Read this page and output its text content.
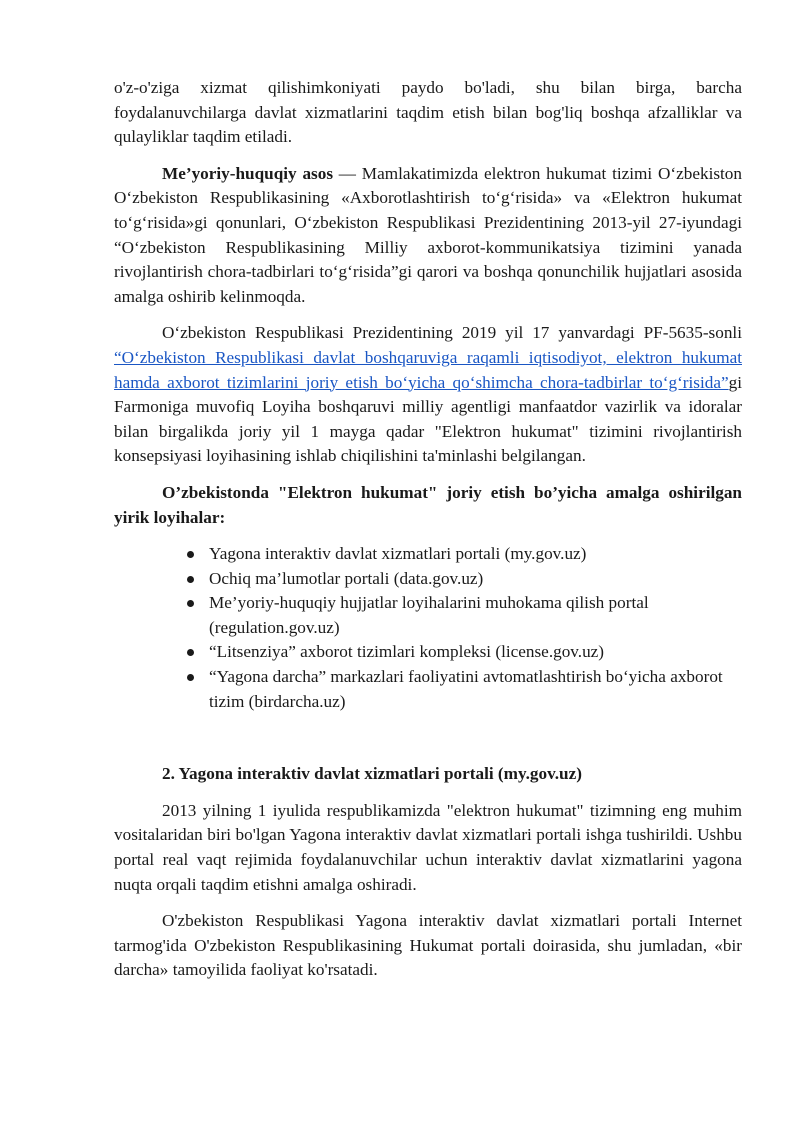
o'z-o'ziga xizmat qilishimkoniyati paydo bo'ladi, shu bilan birga, barcha foydalanuvchilarga davlat xizmatlarini taqdim etish bilan bog'liq boshqa afzalliklar va qulayliklar taqdim etiladi.

Me’yoriy-huquqiy asos — Mamlakatimizda elektron hukumat tizimi O‘zbekiston O‘zbekiston Respublikasining «Axborotlashtirish to‘g‘risida» va «Elektron hukumat to‘g‘risida»gi qonunlari, O‘zbekiston Respublikasi Prezidentining 2013-yil 27-iyundagi “O‘zbekiston Respublikasining Milliy axborot-kommunikatsiya tizimini yanada rivojlantirish chora-tadbirlari to‘g‘risida”gi qarori va boshqa qonunchilik hujjatlari asosida amalga oshirib kelinmoqda.

O‘zbekiston Respublikasi Prezidentining 2019 yil 17 yanvardagi PF-5635-sonli “O‘zbekiston Respublikasi davlat boshqaruviga raqamli iqtisodiyot, elektron hukumat hamda axborot tizimlarini joriy etish bo‘yicha qo‘shimcha chora-tadbirlar to‘g‘risida”gi Farmoniga muvofiq Loyiha boshqaruvi milliy agentligi manfaatdor vazirlik va idoralar bilan birgalikda joriy yil 1 mayga qadar "Elektron hukumat" tizimini rivojlantirish konsepsiyasi loyihasining ishlab chiqilishini ta'minlashi belgilangan.

O’zbekistonda "Elektron hukumat" joriy etish bo’yicha amalga oshirilgan yirik loyihalar:

Yagona interaktiv davlat xizmatlari portali (my.gov.uz)
Ochiq ma’lumotlar portali (data.gov.uz)
Me’yoriy-huquqiy hujjatlar loyihalarini muhokama qilish portal (regulation.gov.uz)
“Litsenziya” axborot tizimlari kompleksi (license.gov.uz)
“Yagona darcha” markazlari faoliyatini avtomatlashtirish bo‘yicha axborot tizim (birdarcha.uz)
2. Yagona interaktiv davlat xizmatlari portali (my.gov.uz)

2013 yilning 1 iyulida respublikamizda "elektron hukumat" tizimning eng muhim vositalaridan biri bo'lgan Yagona interaktiv davlat xizmatlari portali ishga tushirildi. Ushbu portal real vaqt rejimida foydalanuvchilar uchun interaktiv davlat xizmatlarini yagona nuqta orqali taqdim etishni amalga oshiradi.

O'zbekiston Respublikasi Yagona interaktiv davlat xizmatlari portali Internet tarmog'ida O'zbekiston Respublikasining Hukumat portali doirasida, shu jumladan, «bir darcha» tamoyilida faoliyat ko'rsatadi.
